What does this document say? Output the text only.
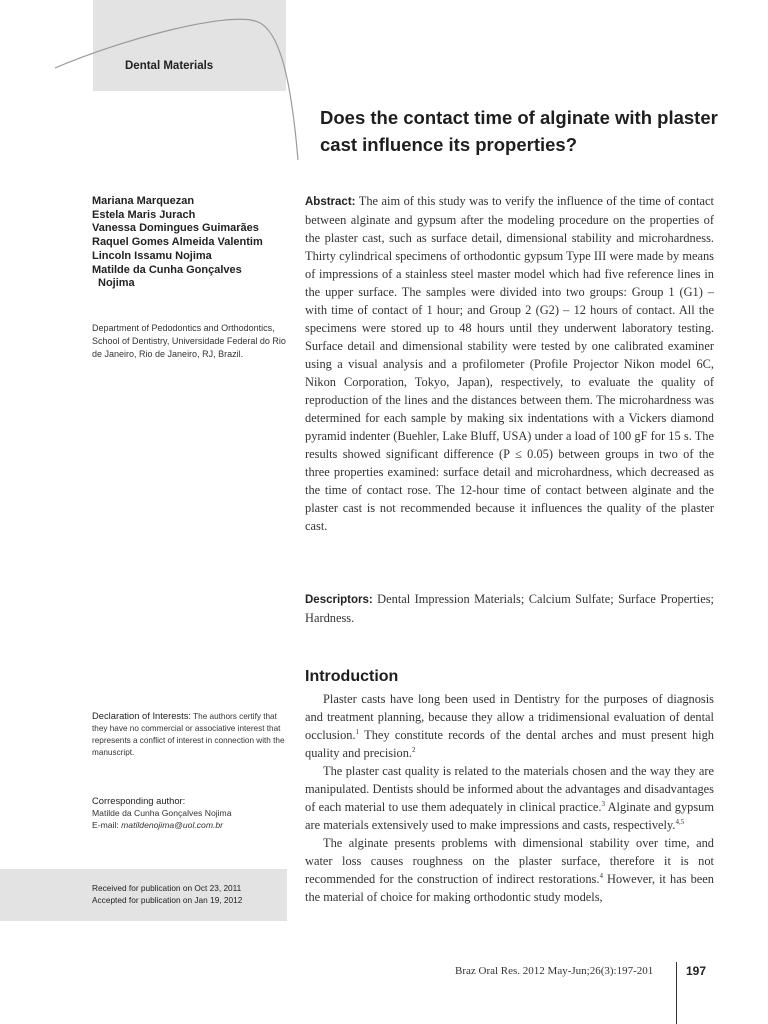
Dental Materials
Does the contact time of alginate with plaster cast influence its properties?
Mariana Marquezan
Estela Maris Jurach
Vanessa Domingues Guimarães
Raquel Gomes Almeida Valentim
Lincoln Issamu Nojima
Matilde da Cunha Gonçalves
Nojima
Department of Pedodontics and Orthodontics, School of Dentistry, Universidade Federal do Rio de Janeiro, Rio de Janeiro, RJ, Brazil.
Declaration of Interests: The authors certify that they have no commercial or associative interest that represents a conflict of interest in connection with the manuscript.
Corresponding author:
Matilde da Cunha Gonçalves Nojima
E-mail: matildenojima@uol.com.br
Received for publication on Oct 23, 2011
Accepted for publication on Jan 19, 2012
Abstract: The aim of this study was to verify the influence of the time of contact between alginate and gypsum after the modeling procedure on the properties of the plaster cast, such as surface detail, dimensional stability and microhardness. Thirty cylindrical specimens of orthodontic gypsum Type III were made by means of impressions of a stainless steel master model which had five reference lines in the upper surface. The samples were divided into two groups: Group 1 (G1) – with time of contact of 1 hour; and Group 2 (G2) – 12 hours of contact. All the specimens were stored up to 48 hours until they underwent laboratory testing. Surface detail and dimensional stability were tested by one calibrated examiner using a visual analysis and a profilometer (Profile Projector Nikon model 6C, Nikon Corporation, Tokyo, Japan), respectively, to evaluate the quality of reproduction of the lines and the distances between them. The microhardness was determined for each sample by making six indentations with a Vickers diamond pyramid indenter (Buehler, Lake Bluff, USA) under a load of 100 gF for 15 s. The results showed significant difference (P ≤ 0.05) between groups in two of the three properties examined: surface detail and microhardness, which decreased as the time of contact rose. The 12-hour time of contact between alginate and the plaster cast is not recommended because it influences the quality of the plaster cast.
Descriptors: Dental Impression Materials; Calcium Sulfate; Surface Properties; Hardness.
Introduction

Plaster casts have long been used in Dentistry for the purposes of diagnosis and treatment planning, because they allow a tridimensional evaluation of dental occlusion.$^1$ They constitute records of the dental arches and must present high quality and precision.$^2$

The plaster cast quality is related to the materials chosen and the way they are manipulated. Dentists should be informed about the advantages and disadvantages of each material to use them adequately in clinical practice.$^3$ Alginate and gypsum are materials extensively used to make impressions and casts, respectively.$^{4,5}$

The alginate presents problems with dimensional stability over time, and water loss causes roughness on the plaster surface, therefore it is not recommended for the construction of indirect restorations.$^4$ However, it has been the material of choice for making orthodontic study models,

Braz Oral Res. 2012 May-Jun;26(3):197-201	197
